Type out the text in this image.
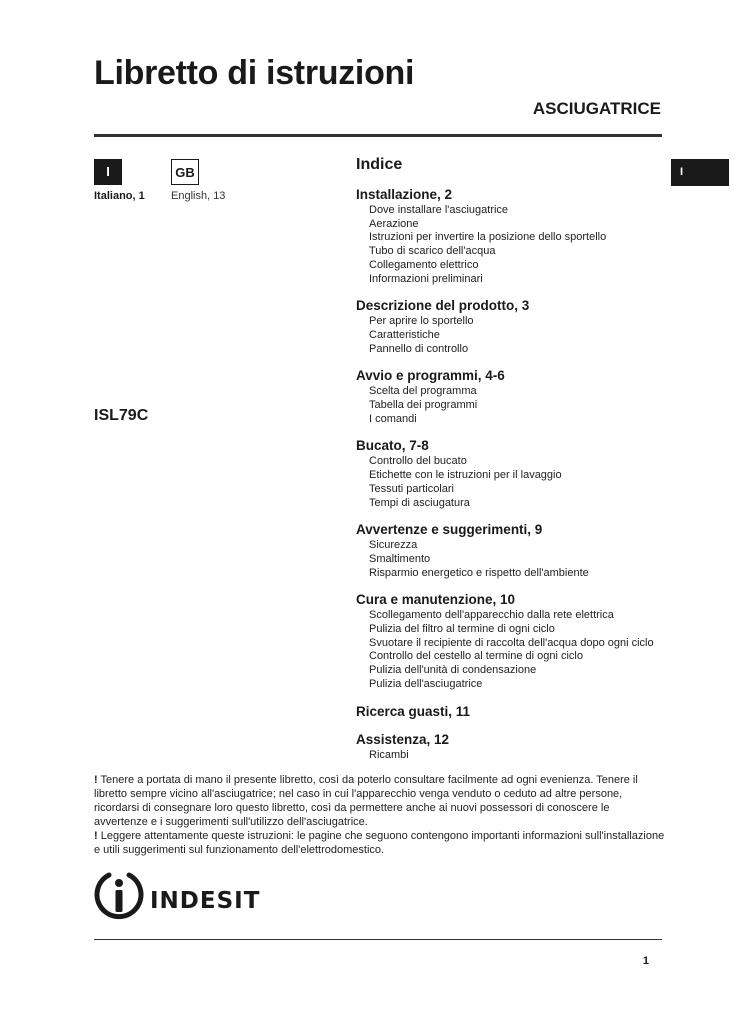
Libretto di istruzioni
ASCIUGATRICE
I	GB
Italiano, 1 English, 13
I
ISL79C
Indice
Installazione, 2
Dove installare l'asciugatrice
Aerazione
Istruzioni per invertire la posizione dello sportello
Tubo di scarico dell'acqua
Collegamento elettrico
Informazioni preliminari
Descrizione del prodotto, 3
Per aprire lo sportello
Caratteristiche
Pannello di controllo
Avvio e programmi, 4-6
Scelta del programma
Tabella dei programmi
I comandi
Bucato, 7-8
Controllo del bucato
Etichette con le istruzioni per il lavaggio
Tessuti particolari
Tempi di asciugatura
Avvertenze e suggerimenti, 9
Sicurezza
Smaltimento
Risparmio energetico e rispetto dell'ambiente
Cura e manutenzione, 10
Scollegamento dell'apparecchio dalla rete elettrica
Pulizia del filtro al termine di ogni ciclo
Svuotare il recipiente di raccolta dell'acqua dopo ogni ciclo
Controllo del cestello al termine di ogni ciclo
Pulizia dell'unità di condensazione
Pulizia dell'asciugatrice
Ricerca guasti, 11
Assistenza, 12
Ricambi

! Tenere a portata di mano il presente libretto, così da poterlo consultare facilmente ad ogni evenienza. Tenere il libretto sempre vicino all'asciugatrice; nel caso in cui l'apparecchio venga venduto o ceduto ad altre persone, ricordarsi di consegnare loro questo libretto, così da permettere anche ai nuovi possessori di conoscere le avvertenze e i suggerimenti sull'utilizzo dell'asciugatrice.

! Leggere attentamente queste istruzioni: le pagine che seguono contengono importanti informazioni sull'installazione e utili suggerimenti sul funzionamento dell'elettrodomestico.

indesit
1
